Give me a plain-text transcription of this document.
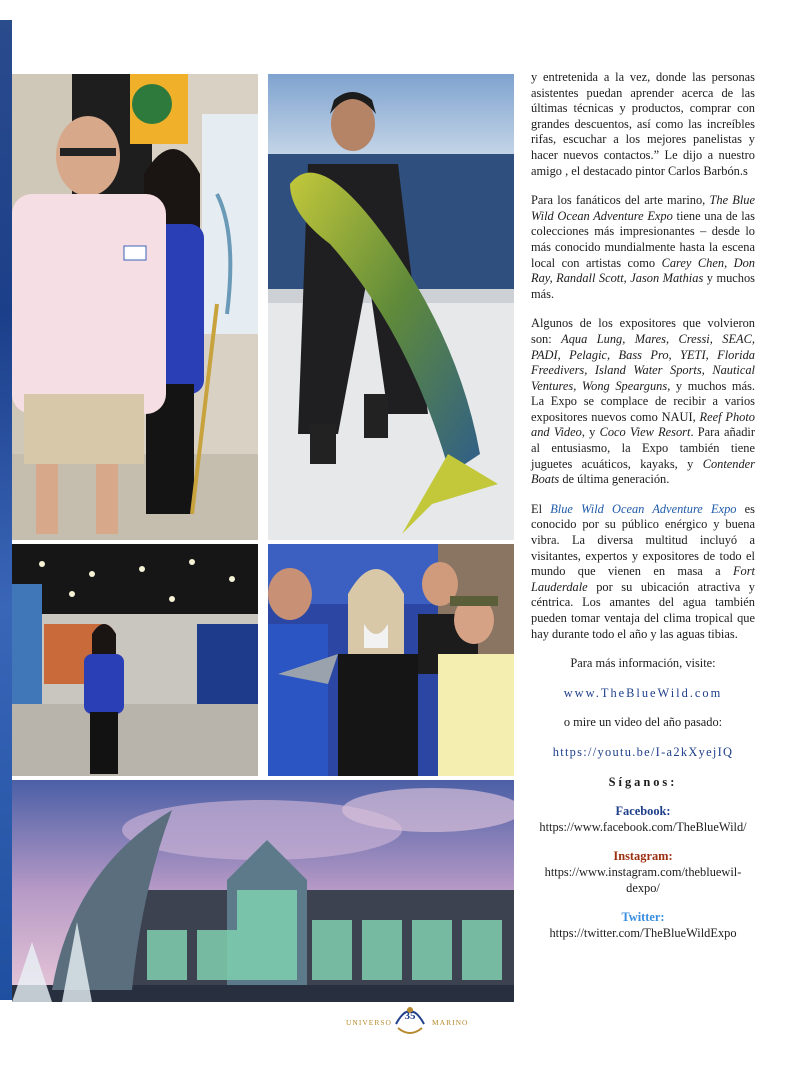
y entretenida a la vez, donde las personas asistentes puedan aprender acerca de las últimas técnicas y productos, comprar con grandes descuentos, así como las increíbles rifas, escuchar a los mejores panelistas y hacer nuevos contactos.” Le dijo a nuestro amigo , el destacado pintor Carlos Barbón.s

Para los fanáticos del arte marino, The Blue Wild Ocean Adventure Expo tiene una de las colecciones más impresionantes – desde lo más conocido mundialmente hasta la escena local con artistas como Carey Chen, Don Ray, Randall Scott, Jason Mathias y muchos más.

Algunos de los expositores que volvieron son: Aqua Lung, Mares, Cressi, SEAC, PADI, Pelagic, Bass Pro, YETI, Florida Freedivers, Island Water Sports, Nautical Ventures, Wong Spearguns, y muchos más. La Expo se complace de recibir a varios expositores nuevos como NAUI, Reef Photo and Video, y Coco View Resort. Para añadir al entusiasmo, la Expo también tiene juguetes acuáticos, kayaks, y Contender Boats de última generación.

El Blue Wild Ocean Adventure Expo es conocido por su público enérgico y buena vibra. La diversa multitud incluyó a visitantes, expertos y expositores de todo el mundo que vienen en masa a Fort Lauderdale por su ubicación atractiva y céntrica. Los amantes del agua también pueden tomar ventaja del clima tropical que hay durante todo el año y las aguas tibias.

Para más información, visite:

www.TheBlueWild.com

o mire un video del año pasado:

https://youtu.be/I-a2kXyejIQ

Síganos:

Facebook:
https://www.facebook.com/TheBlueWild/
Instagram:
https://www.instagram.com/thebluewil-dexpo/
Twitter:
https://twitter.com/TheBlueWildExpo
UNIVERSO
35
MARINO
